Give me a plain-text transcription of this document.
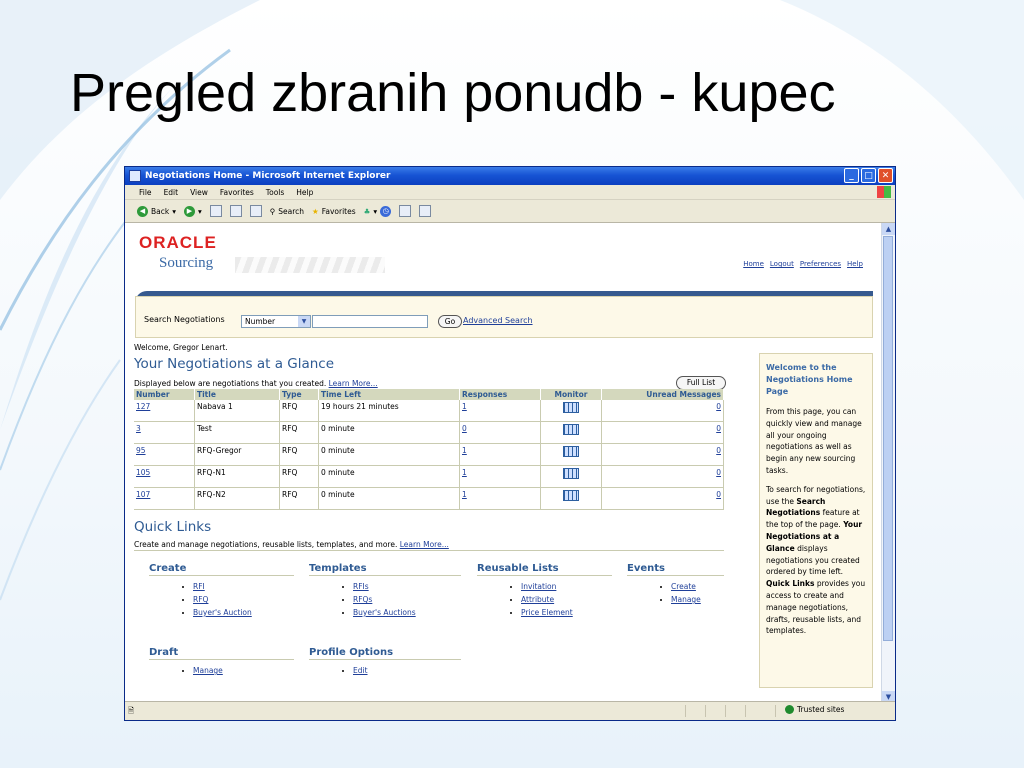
Pregled zbranih ponudb - kupec
Negotiations Home - Microsoft Internet Explorer	_	□ ✕
File Edit View Favorites Tools Help
◀ Back ▾	▶ ▾	⚲ Search ★ Favorites ♣ ▾ ◷
ORACLE
Sourcing	Home Logout Preferences Help
Search Negotiations	Number	▼	Go Advanced Search
Welcome, Gregor Lenart.
Your Negotiations at a Glance
Displayed below are negotiations that you created. Learn More...	Full List
Number	Title	Type	Time Left	Responses	Monitor	Unread Messages
127	Nabava 1	RFQ	19 hours 21 minutes	1		0
3	Test	RFQ	0 minute	0		0
95	RFQ-Gregor	RFQ	0 minute	1		0
105	RFQ-N1	RFQ	0 minute	1		0
107	RFQ-N2	RFQ	0 minute	1		0
Quick Links
Create and manage negotiations, reusable lists, templates, and more. Learn More...
Create
• RFI
• RFQ
• Buyer's Auction
Templates
• RFIs
• RFQs
• Buyer's Auctions
Reusable Lists
• Invitation
• Attribute
• Price Element
Events
• Create
• Manage
Draft
• Manage
Profile Options
• Edit
Welcome to the Negotiations Home Page

From this page, you can quickly view and manage all your ongoing negotiations as well as begin any new sourcing tasks.

To search for negotiations, use the Search Negotiations feature at the top of the page. Your Negotiations at a Glance displays negotiations you created ordered by time left. Quick Links provides you access to create and manage negotiations, drafts, reusable lists, and templates.

▲
▼
🗎	Trusted sites
